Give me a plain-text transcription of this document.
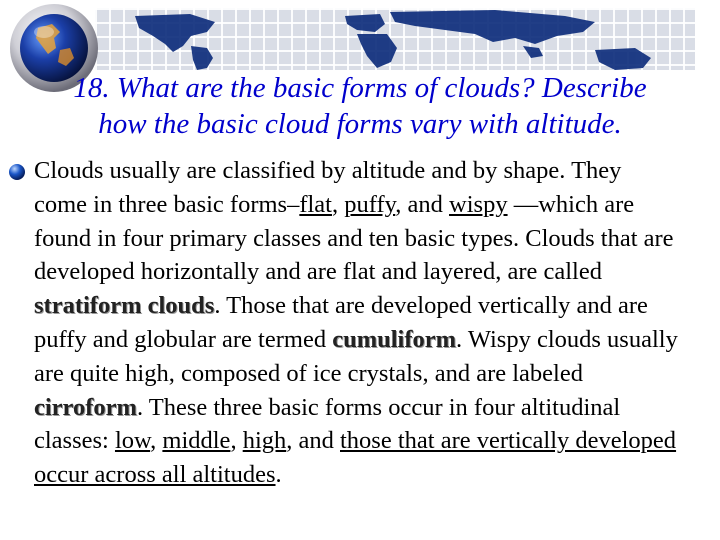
18. What are the basic forms of clouds? Describe
how the basic cloud forms vary with altitude.

Clouds usually are classified by altitude and by shape. They come in three basic forms–flat, puffy, and wispy —which are found in four primary classes and ten basic types. Clouds that are developed horizontally and are flat and layered, are called stratiform clouds. Those that are developed vertically and are puffy and globular are termed cumuliform. Wispy clouds usually are quite high, composed of ice crystals, and are labeled cirroform. These three basic forms occur in four altitudinal classes: low, middle, high, and those that are vertically developed occur across all altitudes.
